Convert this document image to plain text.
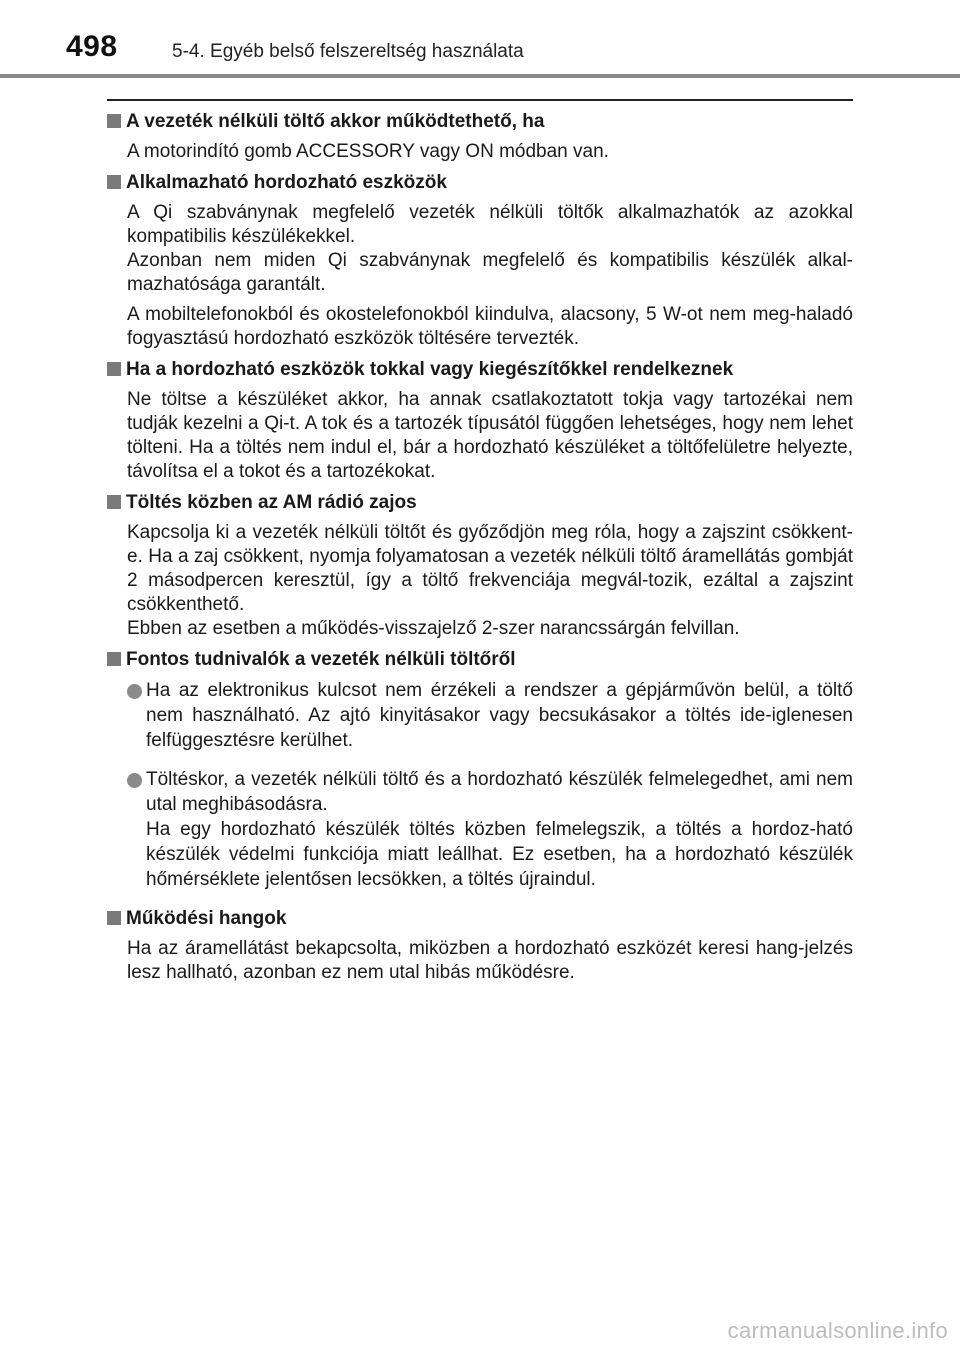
498	5-4. Egyéb belső felszereltség használata
A vezeték nélküli töltő akkor működtethető, ha
A motorindító gomb ACCESSORY vagy ON módban van.
Alkalmazható hordozható eszközök
A Qi szabványnak megfelelő vezeték nélküli töltők alkalmazhatók az azokkal kompatibilis készülékekkel.
Azonban nem miden Qi szabványnak megfelelő és kompatibilis készülék alkal-mazhatósága garantált.
A mobiltelefonokból és okostelefonokból kiindulva, alacsony, 5 W-ot nem meg-haladó fogyasztású hordozható eszközök töltésére tervezték.
Ha a hordozható eszközök tokkal vagy kiegészítőkkel rendelkeznek
Ne töltse a készüléket akkor, ha annak csatlakoztatott tokja vagy tartozékai nem tudják kezelni a Qi-t. A tok és a tartozék típusától függően lehetséges, hogy nem lehet tölteni. Ha a töltés nem indul el, bár a hordozható készüléket a töltőfelületre helyezte, távolítsa el a tokot és a tartozékokat.
Töltés közben az AM rádió zajos
Kapcsolja ki a vezeték nélküli töltőt és győződjön meg róla, hogy a zajszint csökkent-e. Ha a zaj csökkent, nyomja folyamatosan a vezeték nélküli töltő áramellátás gombját 2 másodpercen keresztül, így a töltő frekvenciája megvál-tozik, ezáltal a zajszint csökkenthető.
Ebben az esetben a működés-visszajelző 2-szer narancssárgán felvillan.
Fontos tudnivalók a vezeték nélküli töltőről
Ha az elektronikus kulcsot nem érzékeli a rendszer a gépjárművön belül, a töltő nem használható. Az ajtó kinyitásakor vagy becsukásakor a töltés ide-iglenesen felfüggesztésre kerülhet.
Töltéskor, a vezeték nélküli töltő és a hordozható készülék felmelegedhet, ami nem utal meghibásodásra.
Ha egy hordozható készülék töltés közben felmelegszik, a töltés a hordoz-ható készülék védelmi funkciója miatt leállhat. Ez esetben, ha a hordozható készülék hőmérséklete jelentősen lecsökken, a töltés újraindul.
Működési hangok
Ha az áramellátást bekapcsolta, miközben a hordozható eszközét keresi hang-jelzés lesz hallható, azonban ez nem utal hibás működésre.
carmanualsonline.info
